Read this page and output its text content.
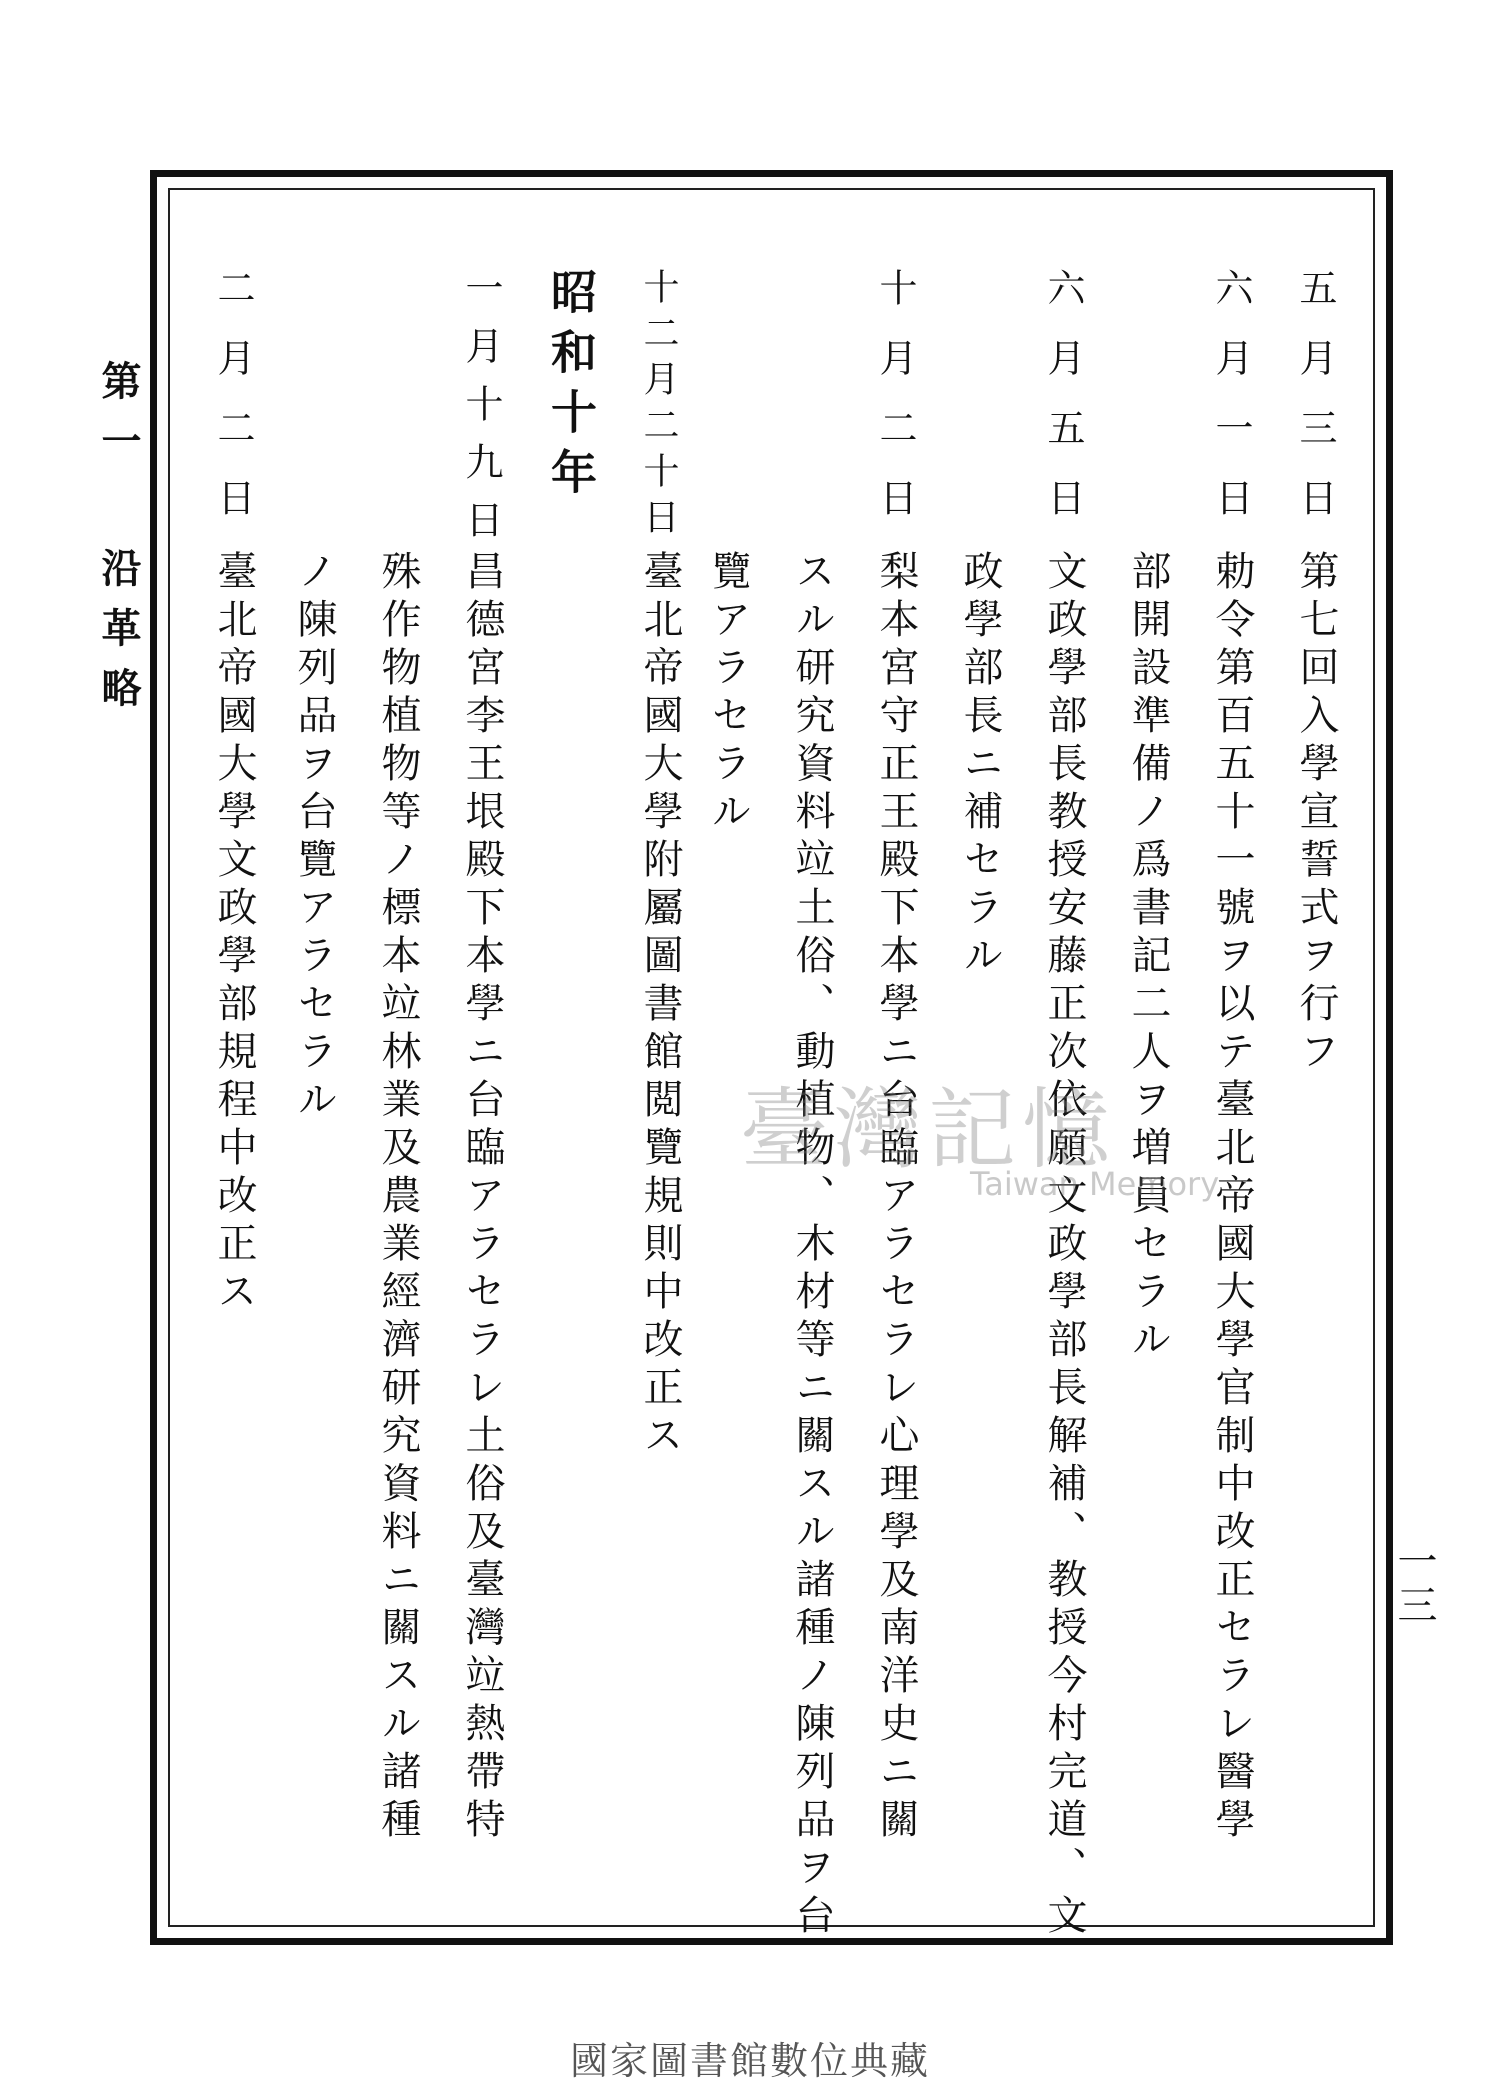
第一 沿革略
一三
五月三日
第七回入學宣誓式ヲ行フ
六月一日
勅令第百五十一號ヲ以テ臺北帝國大學官制中改正セラレ醫學
部開設準備ノ爲書記二人ヲ増員セラル
六月五日
文政學部長教授安藤正次依願文政學部長解補、教授今村完道、文
政學部長ニ補セラル
十月二日
梨本宮守正王殿下本學ニ台臨アラセラレ心理學及南洋史ニ關
スル研究資料竝土俗、動植物、木材等ニ關スル諸種ノ陳列品ヲ台
覽アラセラル
十二月二十日
臺北帝國大學附屬圖書館閲覽規則中改正ス
昭和十年
一月十九日
昌德宮李王垠殿下本學ニ台臨アラセラレ土俗及臺灣竝熱帶特
殊作物植物等ノ標本竝林業及農業經濟研究資料ニ關スル諸種
ノ陳列品ヲ台覽アラセラル
二月二日
臺北帝國大學文政學部規程中改正ス	臺灣記憶
Taiwan Memory
國家圖書館數位典藏
